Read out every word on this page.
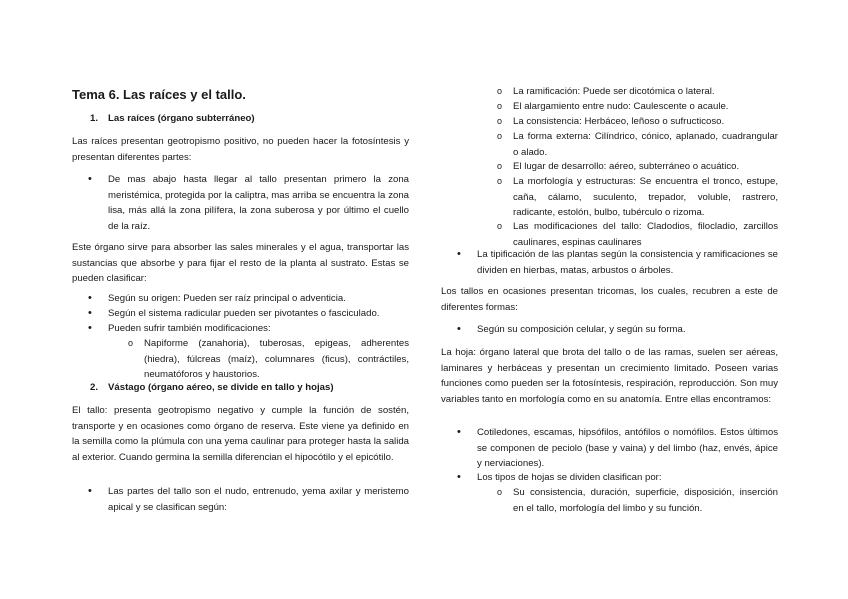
Tema 6. Las raíces y el tallo.
1. Las raíces (órgano subterráneo)
Las raíces presentan geotropismo positivo, no pueden hacer la fotosíntesis y presentan diferentes partes:
• De mas abajo hasta llegar al tallo presentan primero la zona meristémica, protegida por la caliptra, mas arriba se encuentra la zona lisa, más allá la zona pilífera, la zona suberosa y por último el cuello de la raíz.
Este órgano sirve para absorber las sales minerales y el agua, transportar las sustancias que absorbe y para fijar el resto de la planta al sustrato. Estas se pueden clasificar:
• Según su origen: Pueden ser raíz principal o adventicia.
• Según el sistema radicular pueden ser pivotantes o fasciculado.
• Pueden sufrir también modificaciones:
o Napiforme (zanahoria), tuberosas, epigeas, adherentes (hiedra), fúlcreas (maíz), columnares (ficus), contráctiles, neumatóforos y haustorios.
2. Vástago (órgano aéreo, se divide en tallo y hojas)
El tallo: presenta geotropismo negativo y cumple la función de sostén, transporte y en ocasiones como órgano de reserva. Este viene ya definido en la semilla como la plúmula con una yema caulinar para proteger hasta la salida al exterior. Cuando germina la semilla diferencian el hipocótilo y el epicótilo.
• Las partes del tallo son el nudo, entrenudo, yema axilar y meristemo apical y se clasifican según:
o La ramificación: Puede ser dicotómica o lateral.
o El alargamiento entre nudo: Caulescente o acaule.
o La consistencia: Herbáceo, leñoso o sufructicoso.
o La forma externa: Cilíndrico, cónico, aplanado, cuadrangular o alado.
o El lugar de desarrollo: aéreo, subterráneo o acuático.
o La morfología y estructuras: Se encuentra el tronco, estupe, caña, cálamo, suculento, trepador, voluble, rastrero, radicante, estolón, bulbo, tubérculo o rizoma.
o Las modificaciones del tallo: Cladodios, filocladio, zarcillos caulinares, espinas caulinares
• La tipificación de las plantas según la consistencia y ramificaciones se dividen en hierbas, matas, arbustos o árboles.
Los tallos en ocasiones presentan tricomas, los cuales, recubren a este de diferentes formas:
• Según su composición celular, y según su forma.
La hoja: órgano lateral que brota del tallo o de las ramas, suelen ser aéreas, laminares y herbáceas y presentan un crecimiento limitado. Poseen varias funciones como pueden ser la fotosíntesis, respiración, reproducción. Son muy variables tanto en morfología como en su anatomía. Entre ellas encontramos:
• Cotiledones, escamas, hipsófilos, antófilos o nomófilos. Estos últimos se componen de peciolo (base y vaina) y del limbo (haz, envés, ápice y nerviaciones).
• Los tipos de hojas se dividen clasifican por:
o Su consistencia, duración, superficie, disposición, inserción en el tallo, morfología del limbo y su función.
